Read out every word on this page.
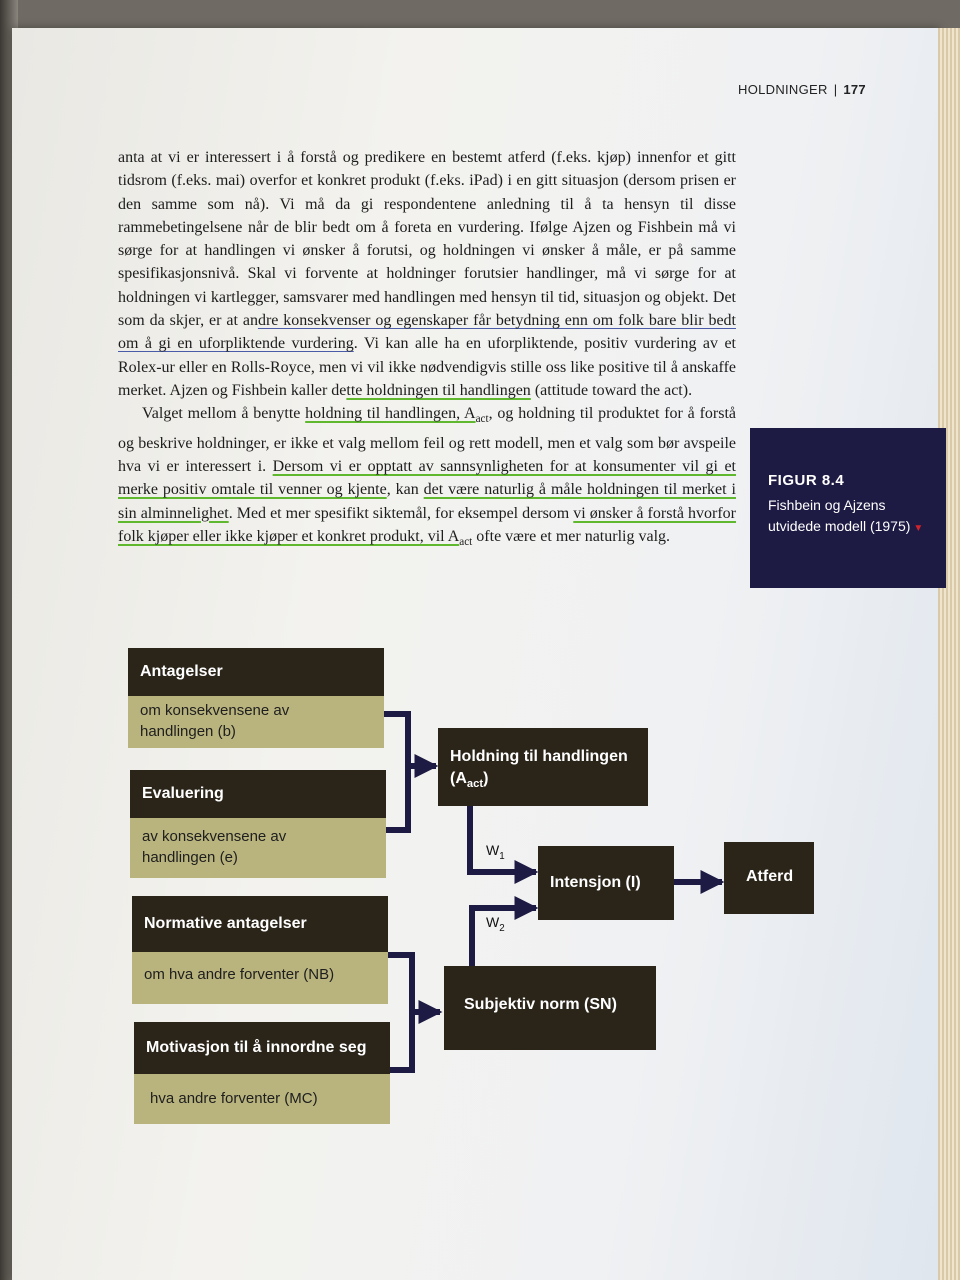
HOLDNINGER | 177

anta at vi er interessert i å forstå og predikere en bestemt atferd (f.eks. kjøp) innenfor et gitt tidsrom (f.eks. mai) overfor et konkret produkt (f.eks. iPad) i en gitt situasjon (dersom prisen er den samme som nå). Vi må da gi respondentene anledning til å ta hensyn til disse rammebetingelsene når de blir bedt om å foreta en vurdering. Ifølge Ajzen og Fishbein må vi sørge for at handlingen vi ønsker å forutsi, og holdningen vi ønsker å måle, er på samme spesifikasjonsnivå. Skal vi forvente at holdninger forutsier handlinger, må vi sørge for at holdningen vi kartlegger, samsvarer med handlingen med hensyn til tid, situasjon og objekt. Det som da skjer, er at andre konsekvenser og egenskaper får betydning enn om folk bare blir bedt om å gi en uforpliktende vurdering. Vi kan alle ha en uforpliktende, positiv vurdering av et Rolex-ur eller en Rolls-Royce, men vi vil ikke nødvendigvis stille oss like positive til å anskaffe merket. Ajzen og Fishbein kaller dette holdningen til handlingen (attitude toward the act).

Valget mellom å benytte holdning til handlingen, $A_{act}$, og holdning til produktet for å forstå og beskrive holdninger, er ikke et valg mellom feil og rett modell, men et valg som bør avspeile hva vi er interessert i. Dersom vi er opptatt av sannsynligheten for at konsumenter vil gi et merke positiv omtale til venner og kjente, kan det være naturlig å måle holdningen til merket i sin alminnelighet. Med et mer spesifikt siktemål, for eksempel dersom vi ønsker å forstå hvorfor folk kjøper eller ikke kjøper et konkret produkt, vil $A_{act}$ ofte være et mer naturlig valg.

FIGUR 8.4
Fishbein og Ajzens utvidede modell (1975) ▼
Antagelser
om konsekvensene av handlingen (b)
Evaluering
av konsekvensene av handlingen (e)
Normative antagelser
om hva andre forventer (NB)
Motivasjon til å innordne seg
hva andre forventer (MC)
Holdning til handlingen
$(A_{act})$
Subjektiv norm (SN)
Intensjon (I)	Atferd
$W_1$
$W_2$
